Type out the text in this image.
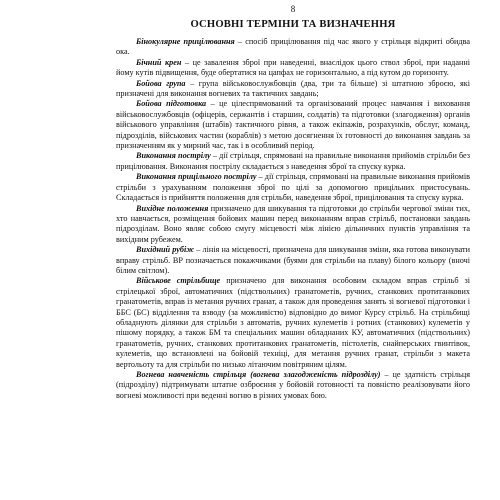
8
ОСНОВНІ ТЕРМІНИ ТА ВИЗНАЧЕННЯ

Бінокулярне прицілювання – спосіб прицілювання під час якого у стрільця відкриті обидва ока.

Бічний крен – це завалення зброї при наведенні, внаслідок цього ствол зброї, при наданні йому кутів підвищення, буде обертатися на цапфах не горизонтально, а під кутом до горизонту.

Бойова група – група військовослужбовців (два, три та більше) зі штатною зброєю, які призначені для виконання вогневих та тактичних завдань;

Бойова підготовка – це цілеспрямований та організований процес навчання і виховання військовослужбовців (офіцерів, сержантів і старшин, солдатів) та підготовки (злагодження) органів військового управління (штабів) тактичного рівня, а також екіпажів, розрахунків, обслуг, команд, підрозділів, військових частин (кораблів) з метою досягнення їх готовності до виконання завдань за призначенням як у мирний час, так і в особливий період.

Виконання пострілу – дії стрільця, спрямовані на правильне виконання прийомів стрільби без прицілювання. Виконання пострілу складається з наведення зброї та спуску курка.

Виконання прицільного пострілу – дії стрільця, спрямовані на правильне виконання прийомів стрільби з урахуванням положення зброї по цілі за допомогою прицільних пристосувань. Складається із прийняття положення для стрільби, наведення зброї, прицілювання та спуску курка.

Вихідне положення призначено для шикування та підготовки до стрільби чергової зміни тих, хто навчається, розміщення бойових машин перед виконанням вправ стрільб, постановки завдань підрозділам. Воно являє собою смугу місцевості між лінією дільничних пунктів управління та вихідним рубежем.

Вихідний рубіж – лінія на місцевості, призначена для шикування зміни, яка готова виконувати вправу стрільб. ВР позначається покажчиками (буями для стрільби на плаву) білого кольору (вночі білим світлом).

Військове стрільбище призначено для виконання особовим складом вправ стрільб зі стрілецької зброї, автоматичних (підствольних) гранатометів, ручних, станкових протитанкових гранатометів, вправ із метання ручних гранат, а також для проведення занять зі вогневої підготовки і ББС (БС) відділення та взводу (за можливістю) відповідно до вимог Курсу стрільб. На стрільбищі обладнують ділянки для стрільби з автоматів, ручних кулеметів і ротних (станкових) кулеметів у пішому порядку, а також БМ та спеціальних машин обладнаних КУ, автоматичних (підствольних) гранатометів, ручних, станкових протитанкових гранатометів, пістолетів, снайперських гвинтівок, кулеметів, що встановлені на бойовій техніці, для метання ручних гранат, стрільби з макета вертольоту та для стрільби по низько літаючим повітряним цілям.

Вогнева навченість стрільця (вогнева злагодженість підрозділу) – це здатність стрільця (підрозділу) підтримувати штатне озброєння у бойовій готовності та повністю реалізовувати його вогневі можливості при веденні вогню в різних умовах бою.
